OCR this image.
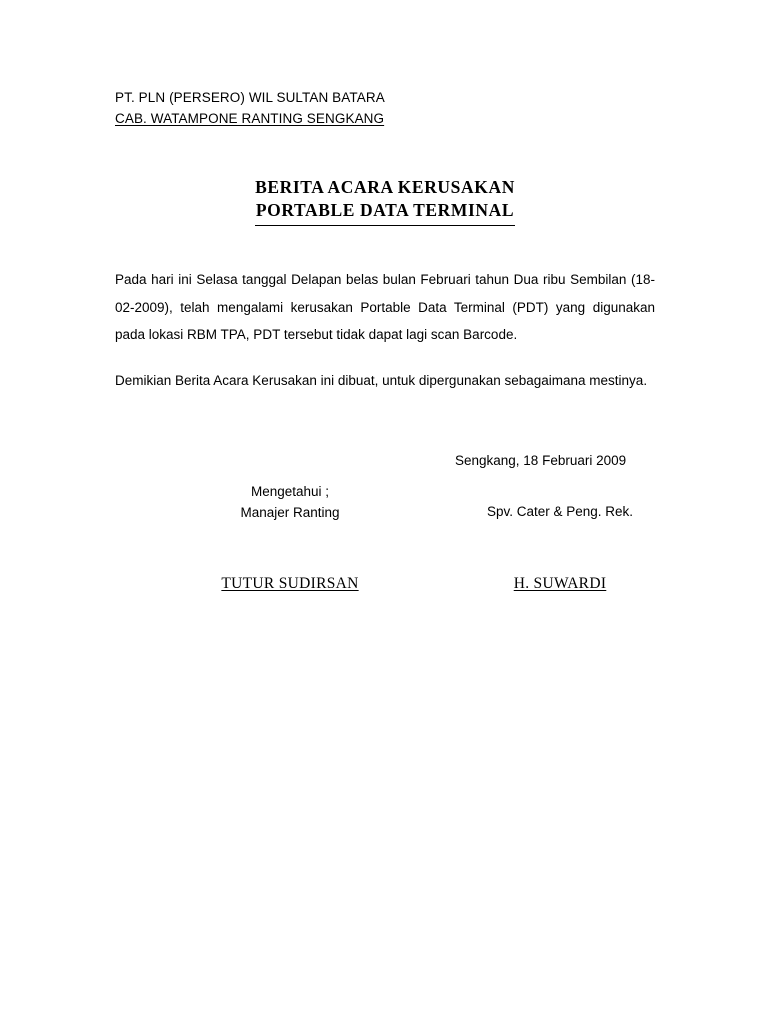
PT. PLN (PERSERO) WIL SULTAN BATARA
CAB. WATAMPONE RANTING SENGKANG
BERITA ACARA KERUSAKAN
PORTABLE DATA TERMINAL

Pada hari ini Selasa tanggal Delapan belas bulan Februari tahun Dua ribu Sembilan (18-02-2009), telah mengalami kerusakan Portable Data Terminal (PDT) yang digunakan pada lokasi RBM TPA, PDT tersebut tidak dapat lagi scan Barcode.

Demikian Berita Acara Kerusakan ini dibuat, untuk dipergunakan sebagaimana mestinya.

Sengkang, 18 Februari 2009
Mengetahui ;
Manajer Ranting	Spv. Cater & Peng. Rek.
TUTUR SUDIRSAN	H. SUWARDI
